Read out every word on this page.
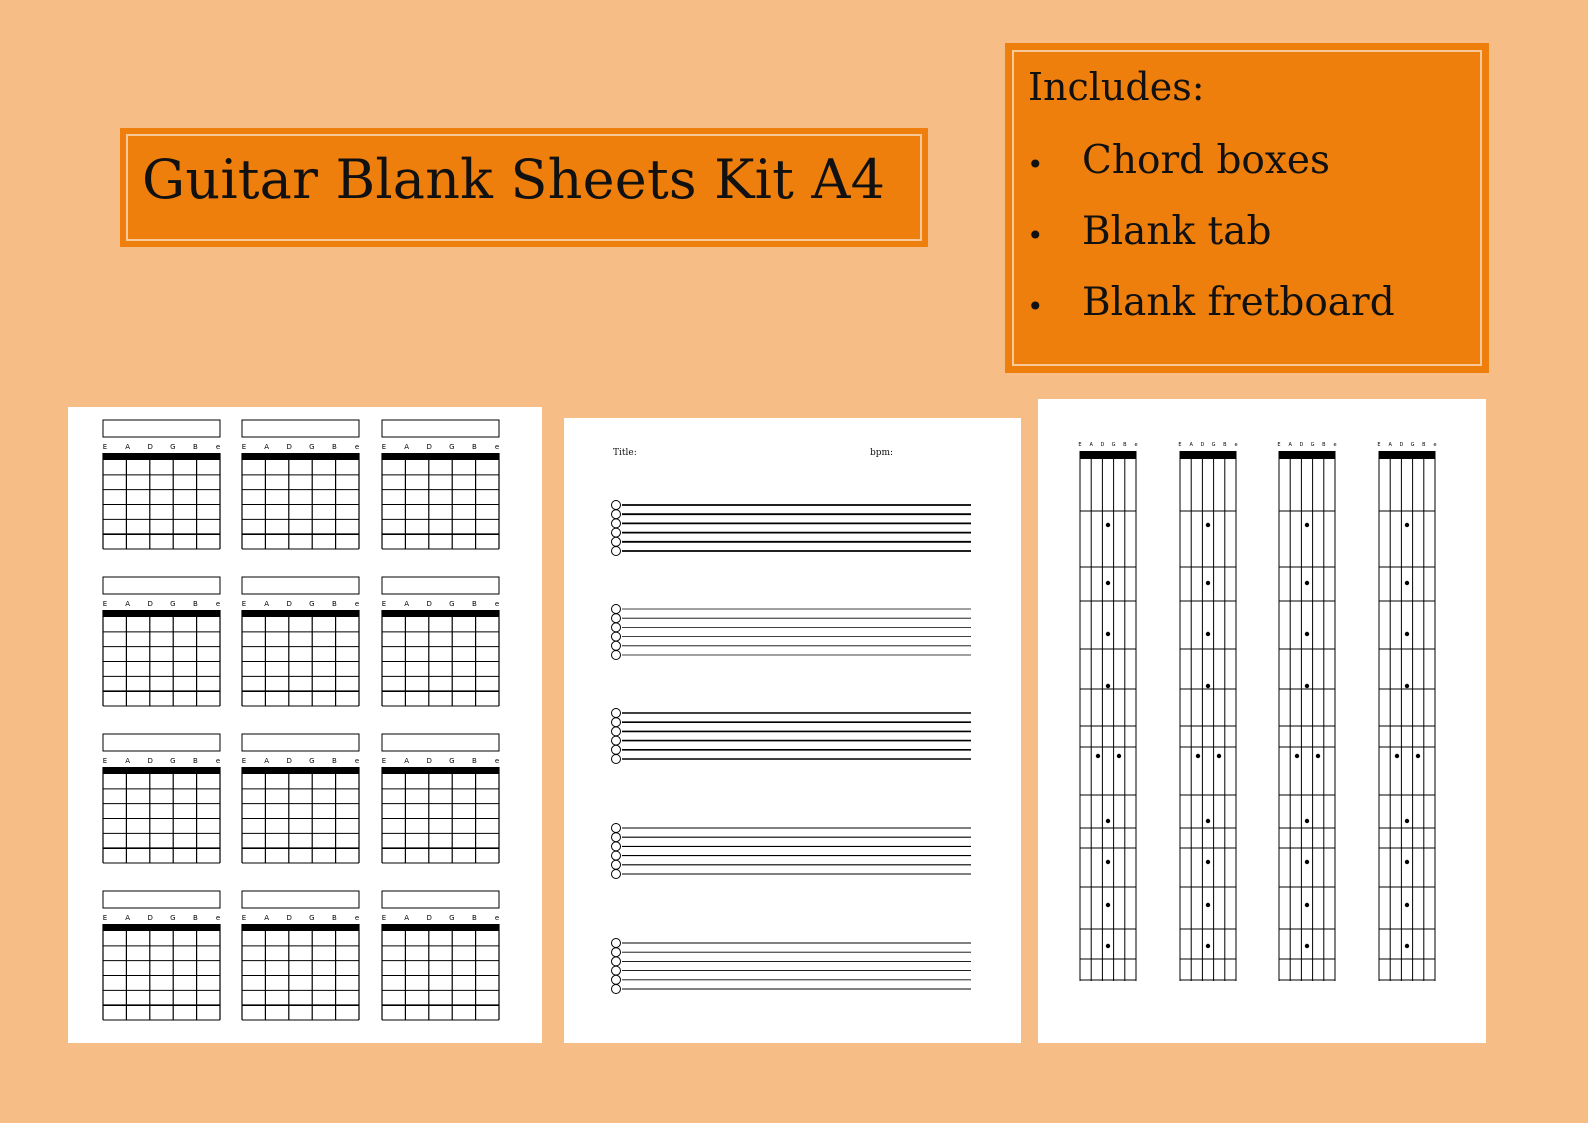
Guitar Blank Sheets Kit A4
Includes:
• Chord boxes
• Blank tab
• Blank fretboard
E	A	D G B	e	E	A	D G B	e	E	A	D G B	e
E	A	D G B	e	E	A	D G B	e	E	A	D G B	e
E	A	D G B	e	E	A	D G B	e	E	A	D G B	e
E	A	D G B	e	E	A	D G B	e	E	A	D G B	e
Title:	bpm:
E A D G B e	E A D G B e	E A D G B e	E A D G B e
